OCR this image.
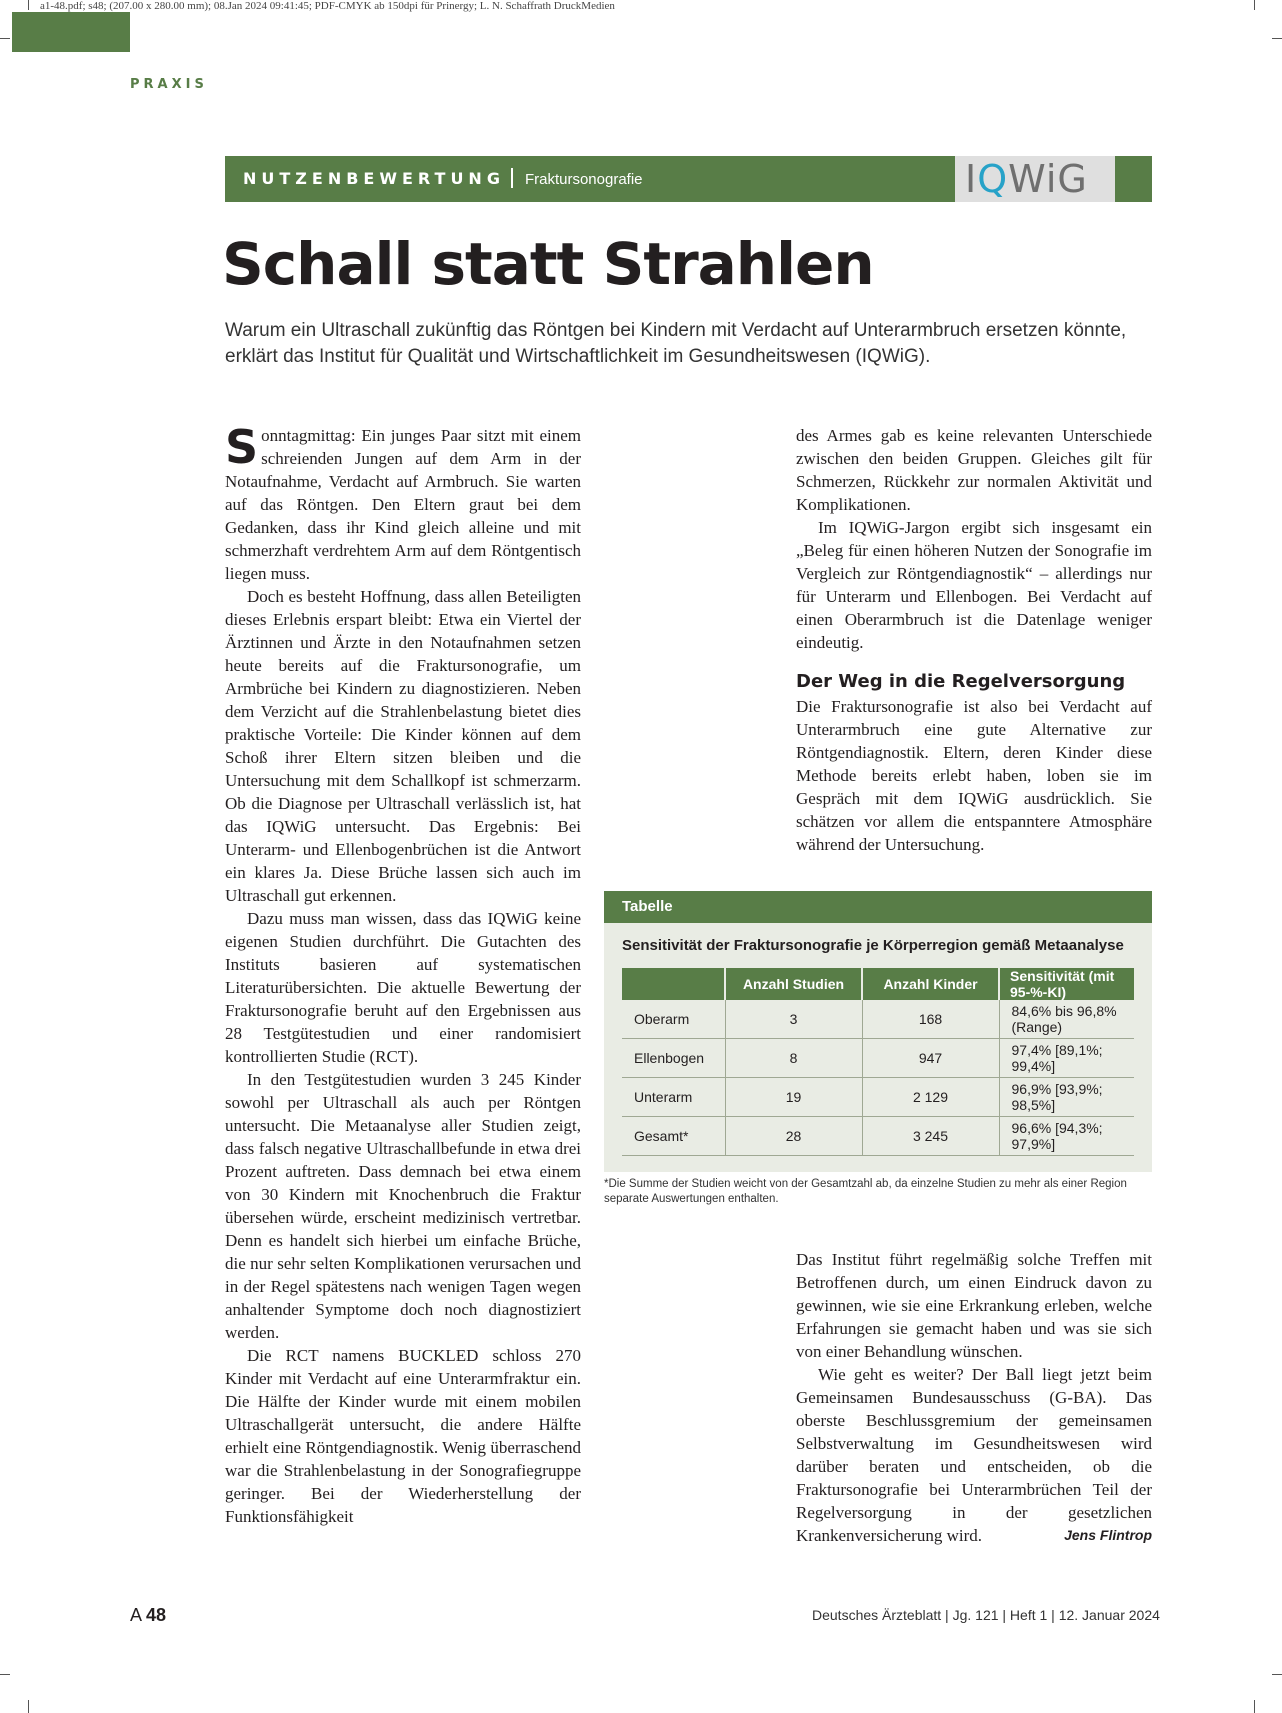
a1-48.pdf; s48; (207.00 x 280.00 mm); 08.Jan 2024 09:41:45; PDF-CMYK ab 150dpi für Prinergy; L. N. Schaffrath DruckMedien
PRAXIS
NUTZENBEWERTUNG Fraktursonografie	IQWiG
Schall statt Strahlen
Warum ein Ultraschall zukünftig das Röntgen bei Kindern mit Verdacht auf Unterarmbruch ersetzen könnte, erklärt das Institut für Qualität und Wirtschaftlichkeit im Gesundheitswesen (IQWiG).

Sonntagmittag: Ein junges Paar sitzt mit einem schreienden Jungen auf dem Arm in der Notaufnahme, Verdacht auf Armbruch. Sie warten auf das Röntgen. Den Eltern graut bei dem Gedanken, dass ihr Kind gleich alleine und mit schmerzhaft verdrehtem Arm auf dem Röntgentisch liegen muss.

Doch es besteht Hoffnung, dass allen Beteiligten dieses Erlebnis erspart bleibt: Etwa ein Viertel der Ärztinnen und Ärzte in den Notaufnahmen setzen heute bereits auf die Fraktursonografie, um Armbrüche bei Kindern zu diagnostizieren. Neben dem Verzicht auf die Strahlenbelastung bietet dies praktische Vorteile: Die Kinder können auf dem Schoß ihrer Eltern sitzen bleiben und die Untersuchung mit dem Schallkopf ist schmerzarm. Ob die Diagnose per Ultraschall verlässlich ist, hat das IQWiG untersucht. Das Ergebnis: Bei Unterarm- und Ellenbogenbrüchen ist die Antwort ein klares Ja. Diese Brüche lassen sich auch im Ultraschall gut erkennen.

Dazu muss man wissen, dass das IQWiG keine eigenen Studien durchführt. Die Gutachten des Instituts basieren auf systematischen Literaturübersichten. Die aktuelle Bewertung der Fraktursonografie beruht auf den Ergebnissen aus 28 Testgütestudien und einer randomisiert kontrollierten Studie (RCT).

In den Testgütestudien wurden 3 245 Kinder sowohl per Ultraschall als auch per Röntgen untersucht. Die Metaanalyse aller Studien zeigt, dass falsch negative Ultraschallbefunde in etwa drei Prozent auftreten. Dass demnach bei etwa einem von 30 Kindern mit Knochenbruch die Fraktur übersehen würde, erscheint medizinisch vertretbar. Denn es handelt sich hierbei um einfache Brüche, die nur sehr selten Komplikationen verursachen und in der Regel spätestens nach wenigen Tagen wegen anhaltender Symptome doch noch diagnostiziert werden.

Die RCT namens BUCKLED schloss 270 Kinder mit Verdacht auf eine Unterarmfraktur ein. Die Hälfte der Kinder wurde mit einem mobilen Ultraschallgerät untersucht, die andere Hälfte erhielt eine Röntgendiagnostik. Wenig überraschend war die Strahlenbelastung in der Sonografiegruppe geringer. Bei der Wiederherstellung der Funktionsfähigkeit

des Armes gab es keine relevanten Unterschiede zwischen den beiden Gruppen. Gleiches gilt für Schmerzen, Rückkehr zur normalen Aktivität und Komplikationen.

Im IQWiG-Jargon ergibt sich insgesamt ein „Beleg für einen höheren Nutzen der Sonografie im Vergleich zur Röntgendiagnostik“ – allerdings nur für Unterarm und Ellenbogen. Bei Verdacht auf einen Oberarmbruch ist die Datenlage weniger eindeutig.

Der Weg in die Regelversorgung

Die Fraktursonografie ist also bei Verdacht auf Unterarmbruch eine gute Alternative zur Röntgendiagnostik. Eltern, deren Kinder diese Methode bereits erlebt haben, loben sie im Gespräch mit dem IQWiG ausdrücklich. Sie schätzen vor allem die entspanntere Atmosphäre während der Untersuchung.

Tabelle
Sensitivität der Fraktursonografie je Körperregion gemäß Metaanalyse
	Anzahl Studien	Anzahl Kinder	Sensitivität (mit 95-%-KI)
Oberarm	3	168	84,6% bis 96,8% (Range)
Ellenbogen	8	947	97,4% [89,1%; 99,4%]
Unterarm	19	2 129	96,9% [93,9%; 98,5%]
Gesamt*	28	3 245	96,6% [94,3%; 97,9%]
*Die Summe der Studien weicht von der Gesamtzahl ab, da einzelne Studien zu mehr als einer Region separate Auswertungen enthalten.

Das Institut führt regelmäßig solche Treffen mit Betroffenen durch, um einen Eindruck davon zu gewinnen, wie sie eine Erkrankung erleben, welche Erfahrungen sie gemacht haben und was sie sich von einer Behandlung wünschen.

Wie geht es weiter? Der Ball liegt jetzt beim Gemeinsamen Bundesausschuss (G-BA). Das oberste Beschlussgremium der gemeinsamen Selbstverwaltung im Gesundheitswesen wird darüber beraten und entscheiden, ob die Fraktursonografie bei Unterarmbrüchen Teil der Regelversorgung in der gesetzlichen Krankenversicherung wird.	Jens Flintrop

A 48	Deutsches Ärzteblatt | Jg. 121 | Heft 1 | 12. Januar 2024
